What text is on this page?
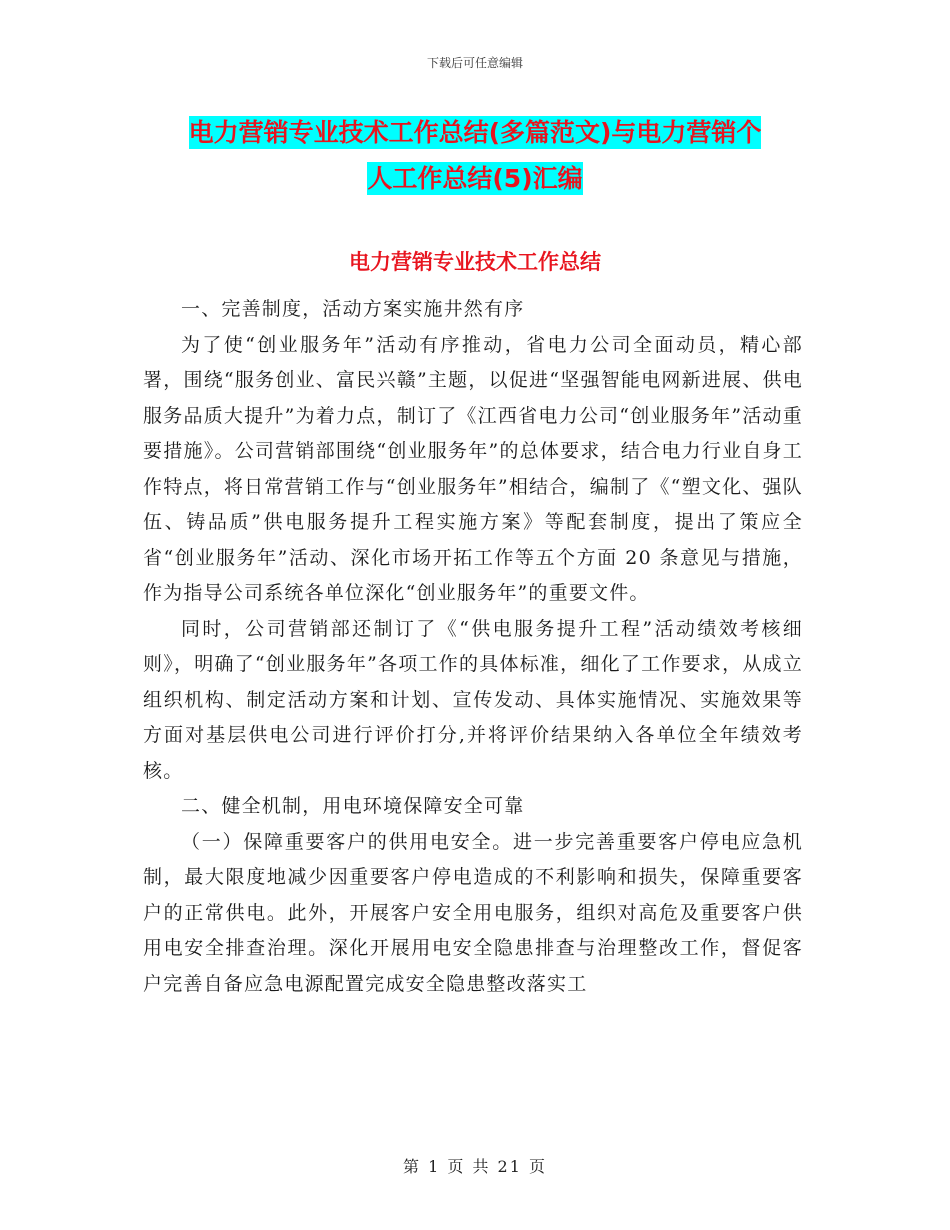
下载后可任意编辑
电力营销专业技术工作总结(多篇范文)与电力营销个
人工作总结(5)汇编
电力营销专业技术工作总结

一、完善制度，活动方案实施井然有序

为了使“创业服务年”活动有序推动，省电力公司全面动员，精心部署，围绕“服务创业、富民兴赣”主题，以促进“坚强智能电网新进展、供电服务品质大提升”为着力点，制订了《江西省电力公司“创业服务年”活动重要措施》。公司营销部围绕“创业服务年”的总体要求，结合电力行业自身工作特点，将日常营销工作与“创业服务年”相结合，编制了《“塑文化、强队伍、铸品质”供电服务提升工程实施方案》等配套制度，提出了策应全省“创业服务年”活动、深化市场开拓工作等五个方面 20 条意见与措施，作为指导公司系统各单位深化“创业服务年”的重要文件。

同时，公司营销部还制订了《“供电服务提升工程”活动绩效考核细则》，明确了“创业服务年”各项工作的具体标准，细化了工作要求，从成立组织机构、制定活动方案和计划、宣传发动、具体实施情况、实施效果等方面对基层供电公司进行评价打分,并将评价结果纳入各单位全年绩效考核。

二、健全机制，用电环境保障安全可靠

（一）保障重要客户的供用电安全。进一步完善重要客户停电应急机制，最大限度地减少因重要客户停电造成的不利影响和损失，保障重要客户的正常供电。此外，开展客户安全用电服务，组织对高危及重要客户供用电安全排查治理。深化开展用电安全隐患排查与治理整改工作，督促客户完善自备应急电源配置完成安全隐患整改落实工

第 1 页 共 21 页
